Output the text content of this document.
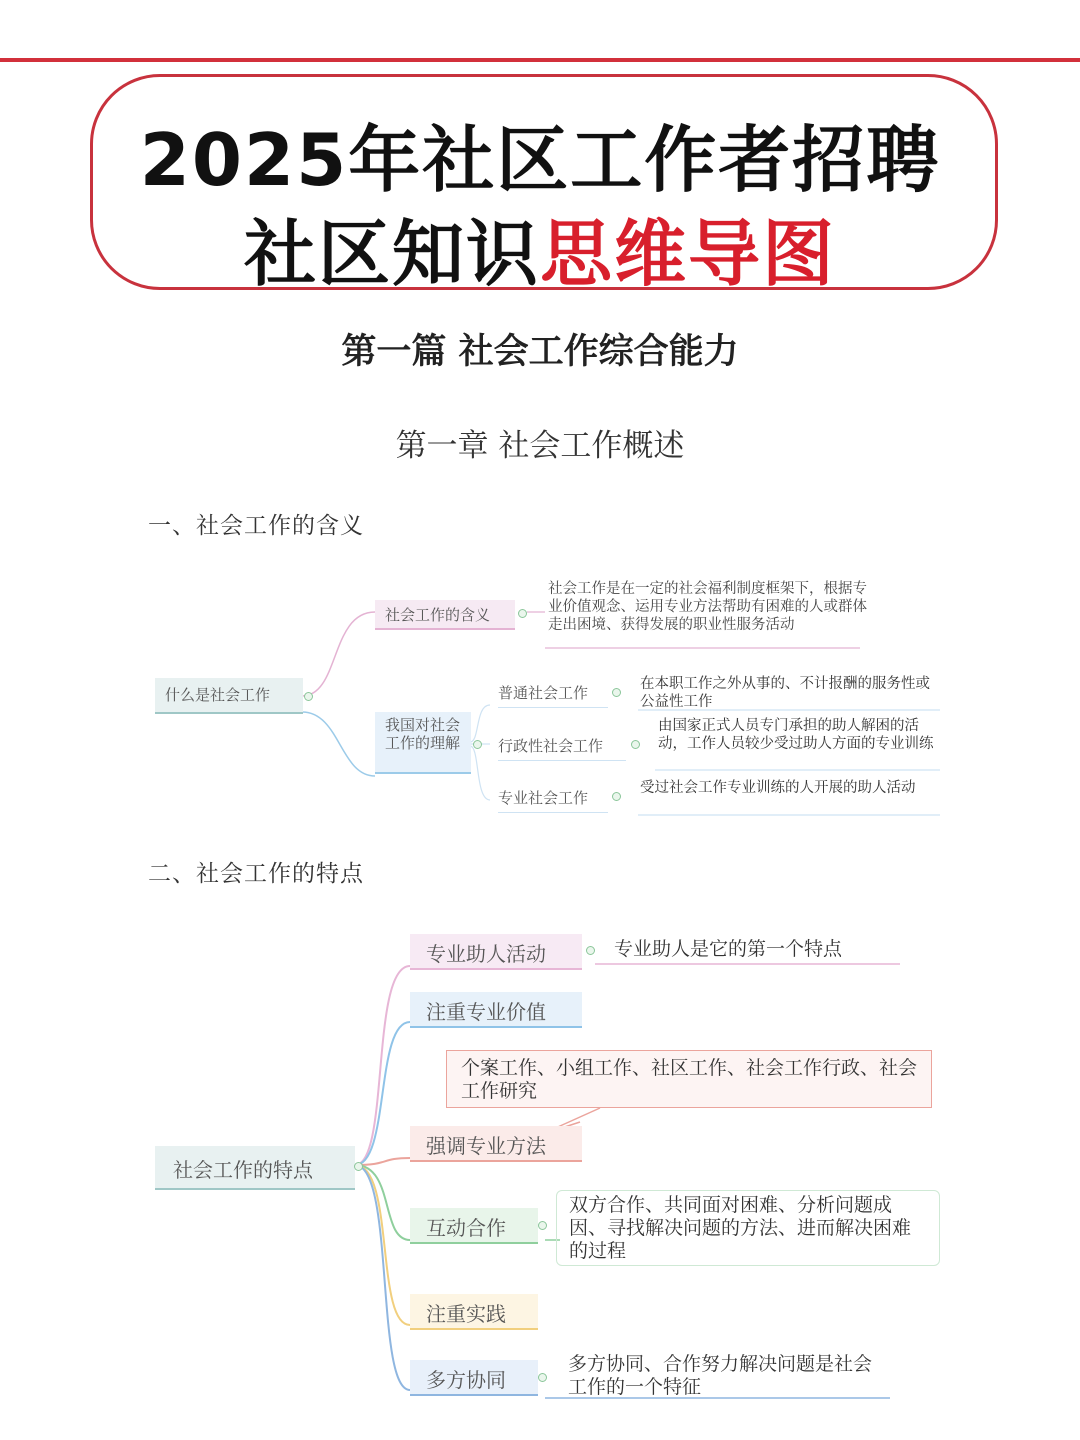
2025年社区工作者招聘
社区知识思维导图
第一篇 社会工作综合能力
第一章 社会工作概述
一、社会工作的含义
什么是社会工作
社会工作的含义
社会工作是在一定的社会福利制度框架下，根据专业价值观念、运用专业方法帮助有困难的人或群体走出困境、获得发展的职业性服务活动
我国对社会工作的理解
普通社会工作	在本职工作之外从事的、不计报酬的服务性或公益性工作
行政性社会工作
由国家正式人员专门承担的助人解困的活动，工作人员较少受过助人方面的专业训练
专业社会工作
受过社会工作专业训练的人开展的助人活动
二、社会工作的特点
社会工作的特点
专业助人活动	专业助人是它的第一个特点
注重专业价值
个案工作、小组工作、社区工作、社会工作行政、社会工作研究
强调专业方法
互动合作
双方合作、共同面对困难、分析问题成因、寻找解决问题的方法、进而解决困难的过程
注重实践
多方协同
多方协同、合作努力解决问题是社会工作的一个特征
